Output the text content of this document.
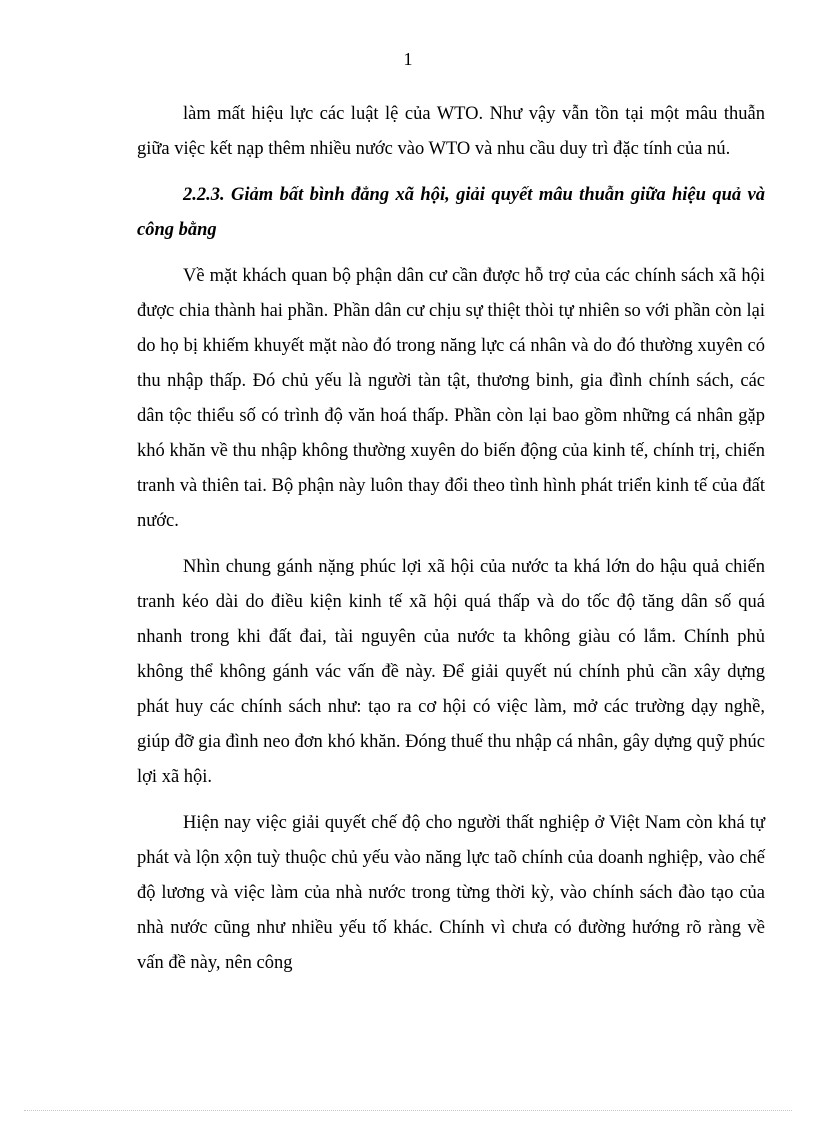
1

làm mất hiệu lực các luật lệ của WTO. Như vậy vẫn tồn tại một mâu thuẫn giữa việc kết nạp thêm nhiều nước vào WTO và nhu cầu duy trì đặc tính của nú.

2.2.3. Giảm bất bình đẳng xã hội, giải quyết mâu thuẫn giữa hiệu quả và công bằng

Về mặt khách quan bộ phận dân cư cần được hỗ trợ của các chính sách xã hội được chia thành hai phần. Phần dân cư chịu sự thiệt thòi tự nhiên so với phần còn lại do họ bị khiếm khuyết mặt nào đó trong năng lực cá nhân và do đó thường xuyên có thu nhập thấp. Đó chủ yếu là người tàn tật, thương binh, gia đình chính sách, các dân tộc thiểu số có trình độ văn hoá thấp. Phần còn lại bao gồm những cá nhân gặp khó khăn về thu nhập không thường xuyên do biến động của kinh tế, chính trị, chiến tranh và thiên tai. Bộ phận này luôn thay đổi theo tình hình phát triển kinh tế của đất nước.

Nhìn chung gánh nặng phúc lợi xã hội của nước ta khá lớn do hậu quả chiến tranh kéo dài do điều kiện kinh tế xã hội quá thấp và do tốc độ tăng dân số quá nhanh trong khi đất đai, tài nguyên của nước ta không giàu có lắm. Chính phủ không thể không gánh vác vấn đề này. Để giải quyết nú chính phủ cần xây dựng phát huy các chính sách như: tạo ra cơ hội có việc làm, mở các trường dạy nghề, giúp đỡ gia đình neo đơn khó khăn. Đóng thuế thu nhập cá nhân, gây dựng quỹ phúc lợi xã hội.

Hiện nay việc giải quyết chế độ cho người thất nghiệp ở Việt Nam còn khá tự phát và lộn xộn tuỳ thuộc chủ yếu vào năng lực taõ chính của doanh nghiệp, vào chế độ lương và việc làm của nhà nước trong từng thời kỳ, vào chính sách đào tạo của nhà nước cũng như nhiều yếu tố khác. Chính vì chưa có đường hướng rõ ràng về vấn đề này, nên công
